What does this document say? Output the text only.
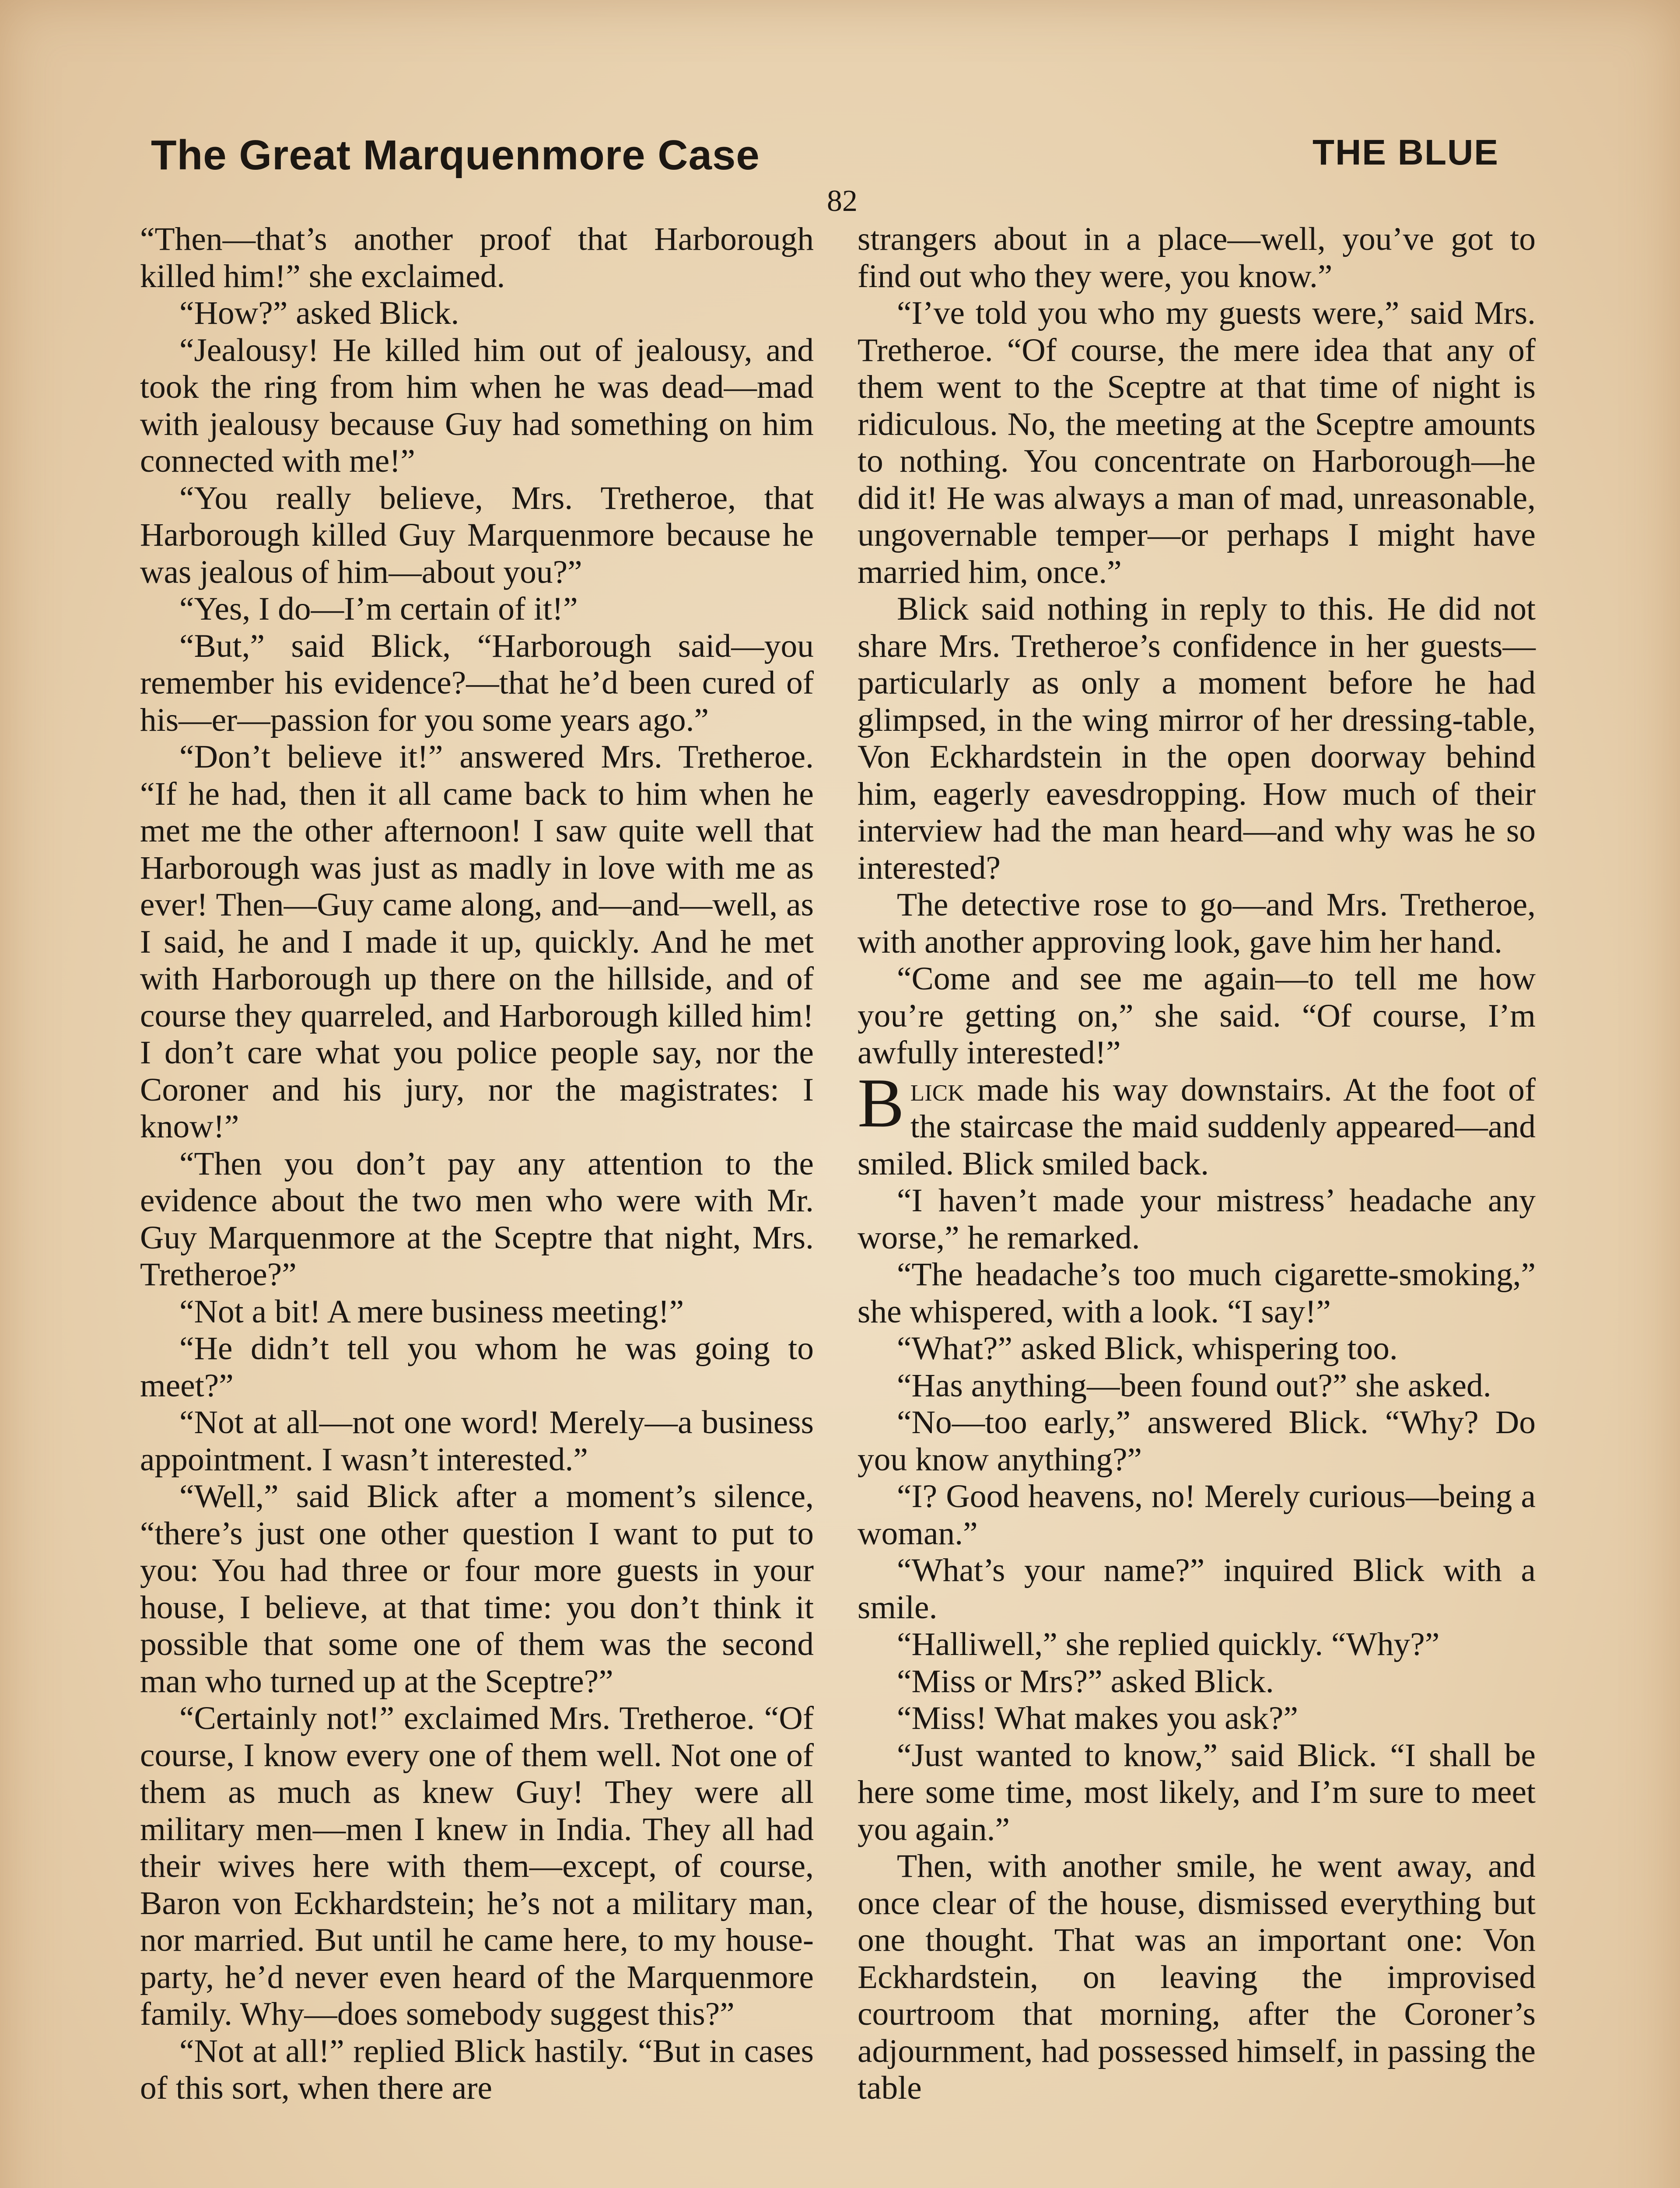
The Great Marquenmore Case	THE BLUE
82

“Then—that’s another proof that Harborough killed him!” she exclaimed.

“How?” asked Blick.

“Jealousy! He killed him out of jealousy, and took the ring from him when he was dead—mad with jealousy because Guy had something on him connected with me!”

“You really believe, Mrs. Tretheroe, that Harborough killed Guy Marquenmore because he was jealous of him—about you?”

“Yes, I do—I’m certain of it!”

“But,” said Blick, “Harborough said—you remember his evidence?—that he’d been cured of his—er—passion for you some years ago.”

“Don’t believe it!” answered Mrs. Tretheroe. “If he had, then it all came back to him when he met me the other afternoon! I saw quite well that Harborough was just as madly in love with me as ever! Then—Guy came along, and—and—well, as I said, he and I made it up, quickly. And he met with Harborough up there on the hillside, and of course they quarreled, and Harborough killed him! I don’t care what you police people say, nor the Coroner and his jury, nor the magistrates: I know!”

“Then you don’t pay any attention to the evidence about the two men who were with Mr. Guy Marquenmore at the Sceptre that night, Mrs. Tretheroe?”

“Not a bit! A mere business meeting!”

“He didn’t tell you whom he was going to meet?”

“Not at all—not one word! Merely—a business appointment. I wasn’t interested.”

“Well,” said Blick after a moment’s silence, “there’s just one other question I want to put to you: You had three or four more guests in your house, I believe, at that time: you don’t think it possible that some one of them was the second man who turned up at the Sceptre?”

“Certainly not!” exclaimed Mrs. Tretheroe. “Of course, I know every one of them well. Not one of them as much as knew Guy! They were all military men—men I knew in India. They all had their wives here with them—except, of course, Baron von Eckhardstein; he’s not a military man, nor married. But until he came here, to my house-party, he’d never even heard of the Marquenmore family. Why—does somebody suggest this?”

“Not at all!” replied Blick hastily. “But in cases of this sort, when there are

strangers about in a place—well, you’ve got to find out who they were, you know.”

“I’ve told you who my guests were,” said Mrs. Tretheroe. “Of course, the mere idea that any of them went to the Sceptre at that time of night is ridiculous. No, the meeting at the Sceptre amounts to nothing. You concentrate on Harborough—he did it! He was always a man of mad, unreasonable, ungovernable temper—or perhaps I might have married him, once.”

Blick said nothing in reply to this. He did not share Mrs. Tretheroe’s confidence in her guests—particularly as only a moment before he had glimpsed, in the wing mirror of her dressing-table, Von Eckhardstein in the open doorway behind him, eagerly eavesdropping. How much of their interview had the man heard—and why was he so interested?

The detective rose to go—and Mrs. Tretheroe, with another approving look, gave him her hand.

“Come and see me again—to tell me how you’re getting on,” she said. “Of course, I’m awfully interested!”

Blick made his way downstairs. At the foot of the staircase the maid suddenly appeared—and smiled. Blick smiled back.

“I haven’t made your mistress’ headache any worse,” he remarked.

“The headache’s too much cigarette-smoking,” she whispered, with a look. “I say!”

“What?” asked Blick, whispering too.

“Has anything—been found out?” she asked.

“No—too early,” answered Blick. “Why? Do you know anything?”

“I? Good heavens, no! Merely curious—being a woman.”

“What’s your name?” inquired Blick with a smile.

“Halliwell,” she replied quickly. “Why?”

“Miss or Mrs?” asked Blick.

“Miss! What makes you ask?”

“Just wanted to know,” said Blick. “I shall be here some time, most likely, and I’m sure to meet you again.”

Then, with another smile, he went away, and once clear of the house, dismissed everything but one thought. That was an important one: Von Eckhardstein, on leaving the improvised courtroom that morning, after the Coroner’s adjournment, had possessed himself, in passing the table
